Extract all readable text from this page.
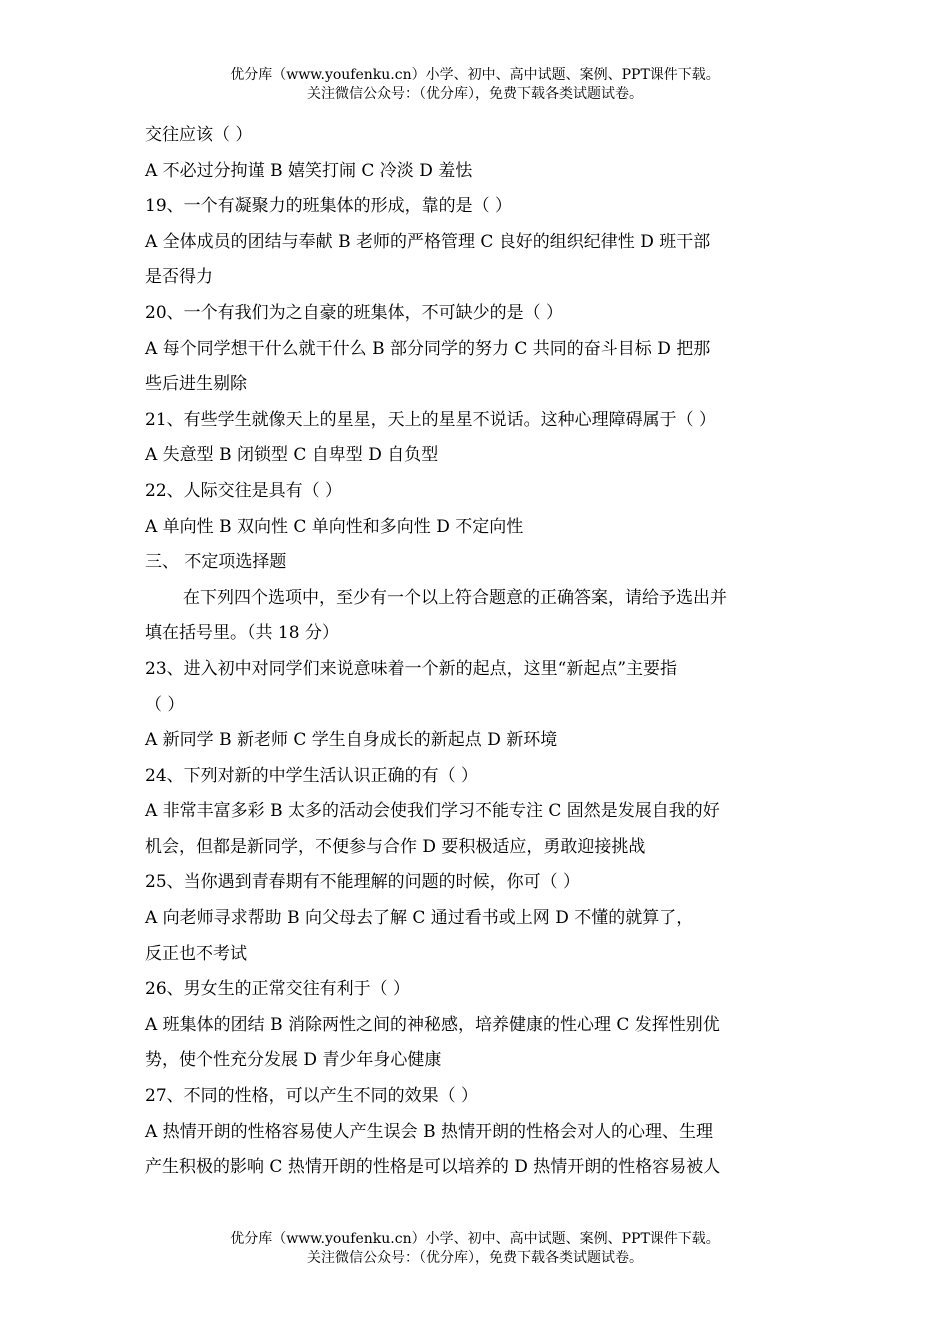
优分库（www.youfenku.cn）小学、初中、高中试题、案例、PPT课件下载。
关注微信公众号：（优分库），免费下载各类试题试卷。

交往应该（ ）

A 不必过分拘谨 B 嬉笑打闹 C 冷淡 D 羞怯

19、一个有凝聚力的班集体的形成，靠的是（ ）

A 全体成员的团结与奉献 B 老师的严格管理 C 良好的组织纪律性 D 班干部

是否得力

20、一个有我们为之自豪的班集体，不可缺少的是（ ）

A 每个同学想干什么就干什么 B 部分同学的努力 C 共同的奋斗目标 D 把那

些后进生剔除

21、有些学生就像天上的星星，天上的星星不说话。这种心理障碍属于（ ）

A 失意型 B 闭锁型 C 自卑型 D 自负型

22、人际交往是具有（ ）

A 单向性 B 双向性 C 单向性和多向性 D 不定向性

三、 不定项选择题

在下列四个选项中，至少有一个以上符合题意的正确答案，请给予选出并

填在括号里。（共 18 分）

23、进入初中对同学们来说意味着一个新的起点，这里“新起点”主要指

（ ）

A 新同学 B 新老师 C 学生自身成长的新起点 D 新环境

24、下列对新的中学生活认识正确的有（ ）

A 非常丰富多彩 B 太多的活动会使我们学习不能专注 C 固然是发展自我的好

机会，但都是新同学，不便参与合作 D 要积极适应，勇敢迎接挑战

25、当你遇到青春期有不能理解的问题的时候，你可（ ）

A 向老师寻求帮助 B 向父母去了解 C 通过看书或上网 D 不懂的就算了，

反正也不考试

26、男女生的正常交往有利于（ ）

A 班集体的团结 B 消除两性之间的神秘感，培养健康的性心理 C 发挥性别优

势，使个性充分发展 D 青少年身心健康

27、不同的性格，可以产生不同的效果（ ）

A 热情开朗的性格容易使人产生误会 B 热情开朗的性格会对人的心理、生理

产生积极的影响 C 热情开朗的性格是可以培养的 D 热情开朗的性格容易被人

优分库（www.youfenku.cn）小学、初中、高中试题、案例、PPT课件下载。
关注微信公众号：（优分库），免费下载各类试题试卷。
